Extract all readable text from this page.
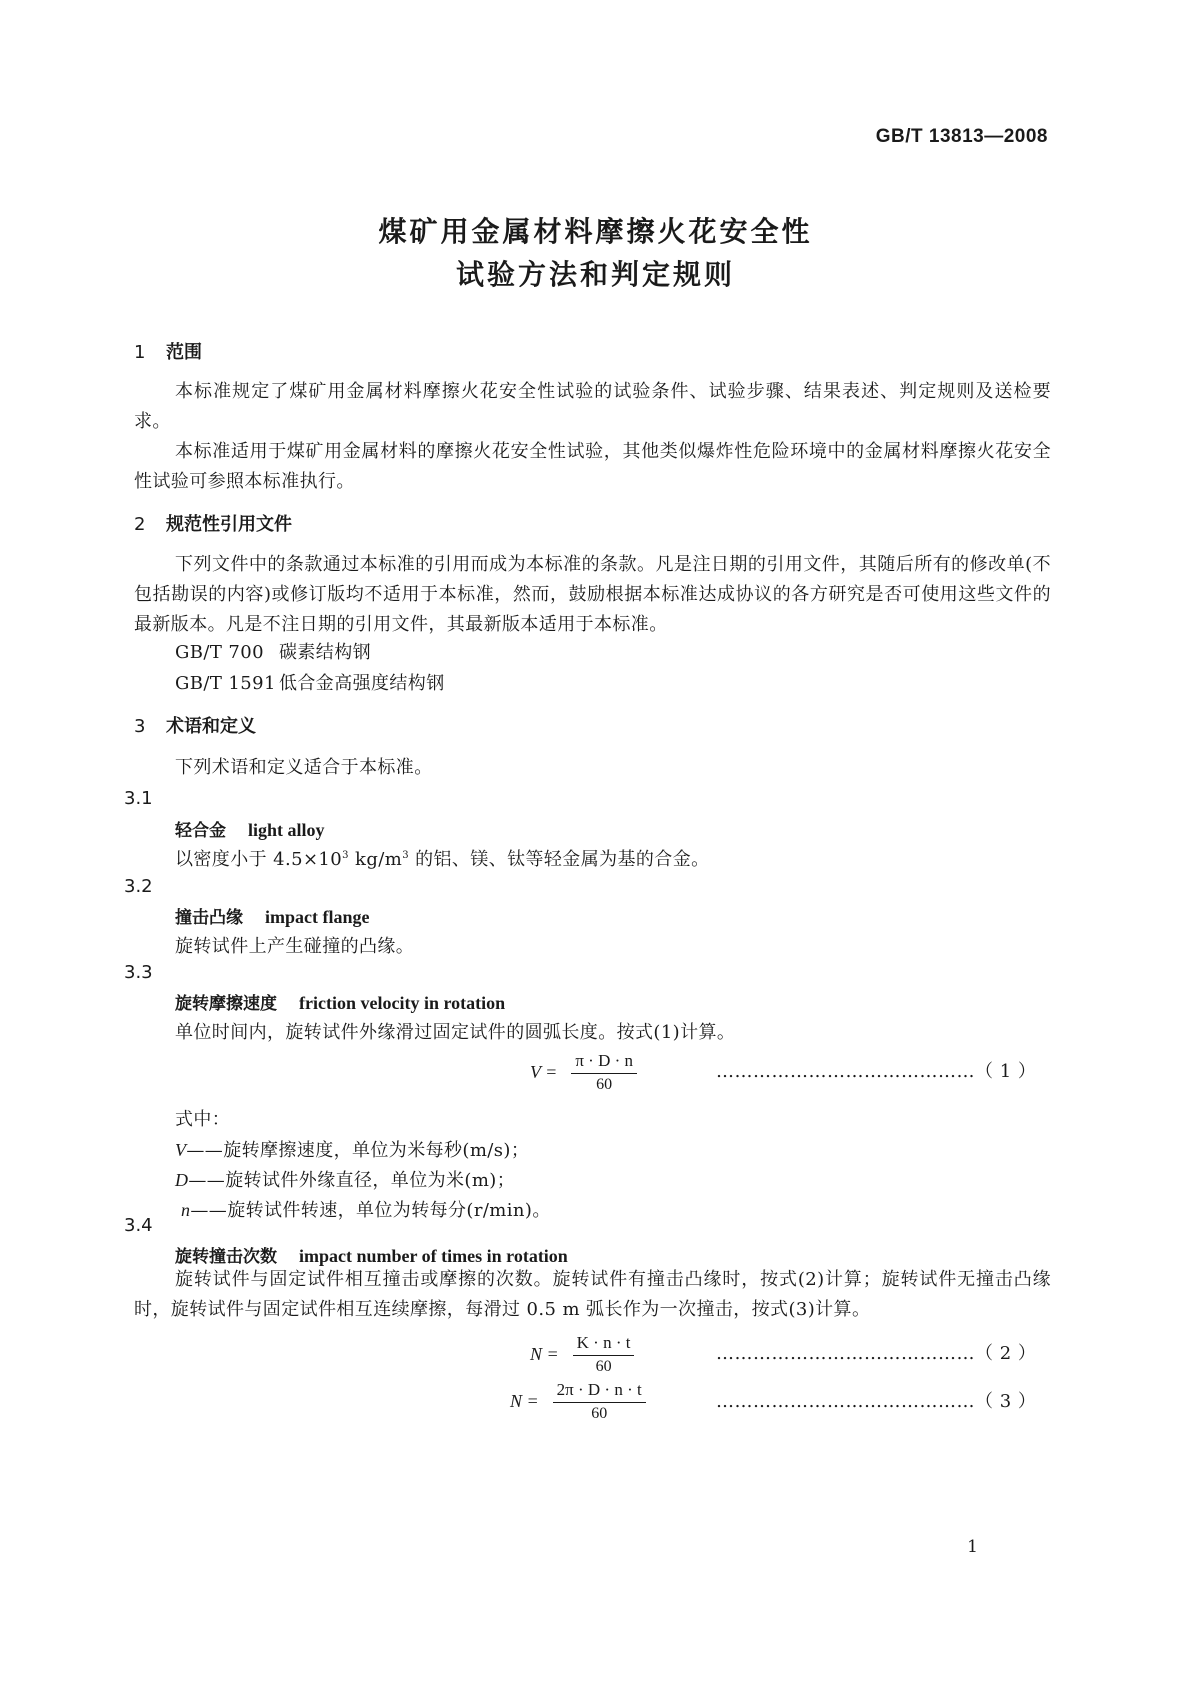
GB/T 13813—2008
煤矿用金属材料摩擦火花安全性
试验方法和判定规则
1 范围
本标准规定了煤矿用金属材料摩擦火花安全性试验的试验条件、试验步骤、结果表述、判定规则及送检要求。
本标准适用于煤矿用金属材料的摩擦火花安全性试验，其他类似爆炸性危险环境中的金属材料摩擦火花安全性试验可参照本标准执行。
2 规范性引用文件
下列文件中的条款通过本标准的引用而成为本标准的条款。凡是注日期的引用文件，其随后所有的修改单(不包括勘误的内容)或修订版均不适用于本标准，然而，鼓励根据本标准达成协议的各方研究是否可使用这些文件的最新版本。凡是不注日期的引用文件，其最新版本适用于本标准。
GB/T 700 碳素结构钢
GB/T 1591 低合金高强度结构钢
3 术语和定义
下列术语和定义适合于本标准。
3.1
轻合金 light alloy
以密度小于 $4.5\times 10^3$ $kg/m^3$ 的铝、镁、钛等轻金属为基的合金。
3.2
撞击凸缘 impact flange
旋转试件上产生碰撞的凸缘。
3.3
旋转摩擦速度 friction velocity in rotation
单位时间内，旋转试件外缘滑过固定试件的圆弧长度。按式(1)计算。
$V = \frac{\pi \cdot D \cdot n}{60}$	……………………………………（ 1 ）
式中：
V——旋转摩擦速度，单位为米每秒(m/s)；
D——旋转试件外缘直径，单位为米(m)；
n——旋转试件转速，单位为转每分(r/min)。
3.4
旋转撞击次数 impact number of times in rotation
旋转试件与固定试件相互撞击或摩擦的次数。旋转试件有撞击凸缘时，按式(2)计算；旋转试件无撞击凸缘时，旋转试件与固定试件相互连续摩擦，每滑过 0.5 m 弧长作为一次撞击，按式(3)计算。
$N = \frac{K \cdot n \cdot t}{60}$	……………………………………（ 2 ）
$N = \frac{2\pi \cdot D \cdot n \cdot t}{60}$	……………………………………（ 3 ）
1
